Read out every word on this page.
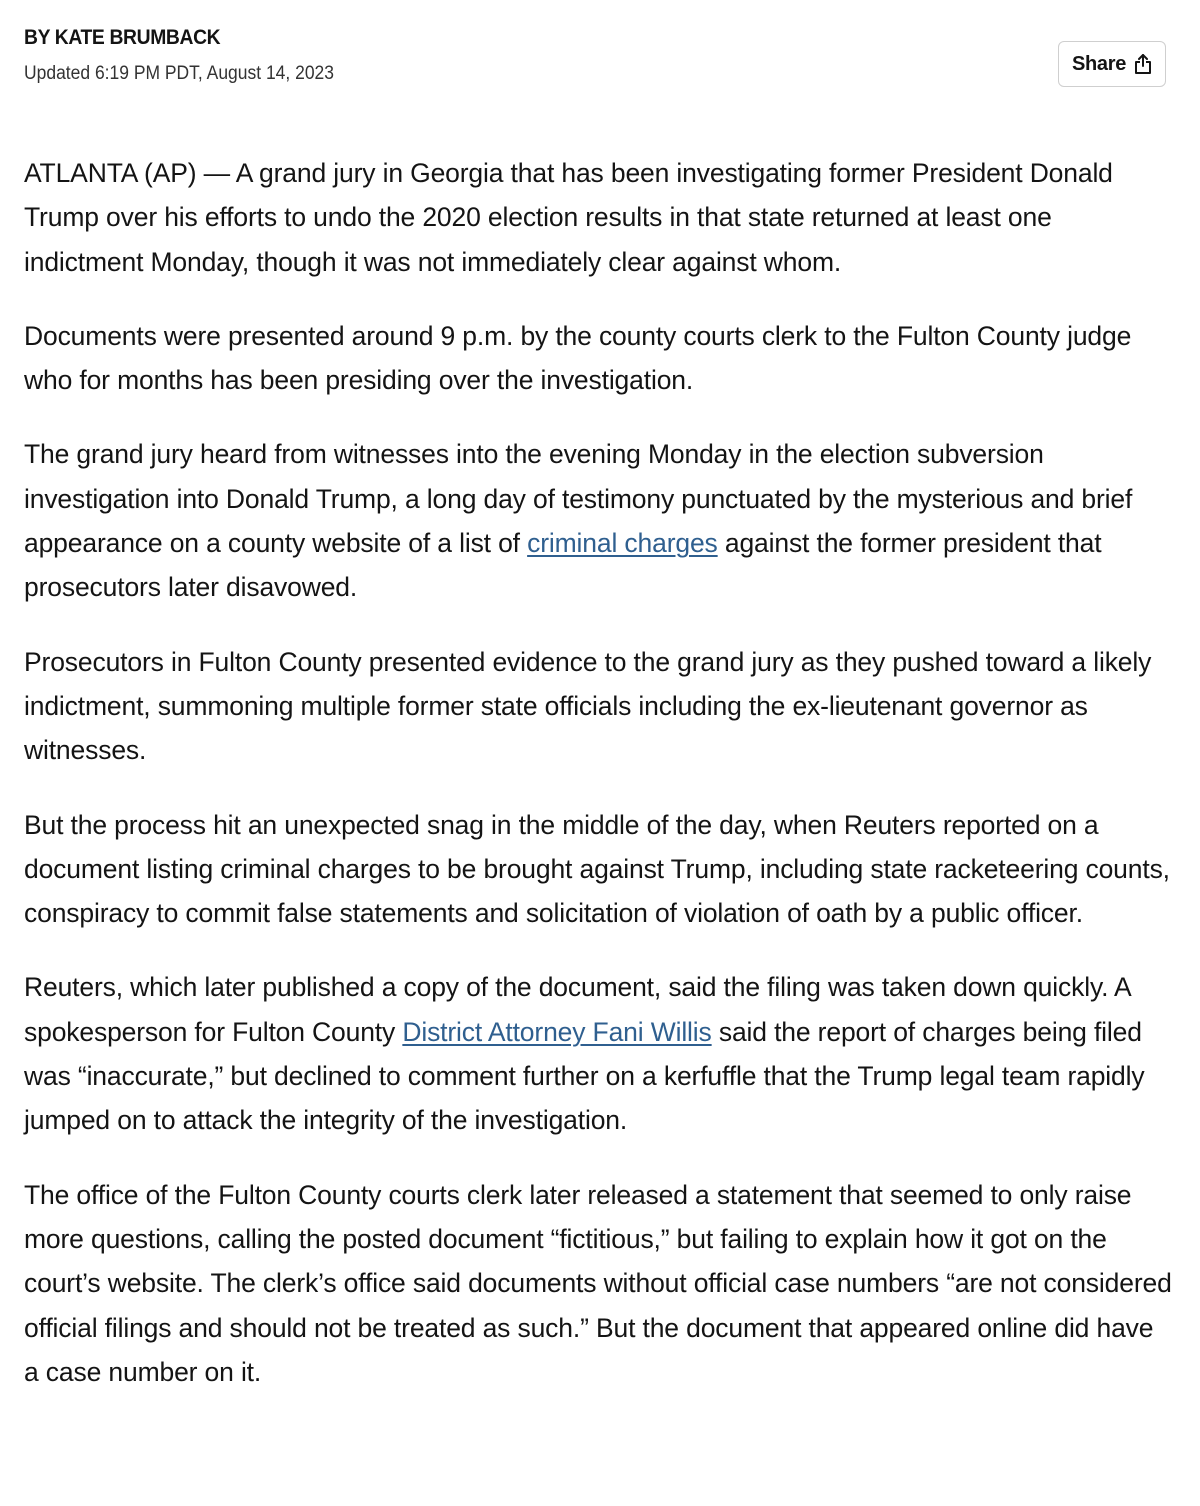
BY KATE BRUMBACK
Updated 6:19 PM PDT, August 14, 2023	Share

ATLANTA (AP) — A grand jury in Georgia that has been investigating former President Donald Trump over his efforts to undo the 2020 election results in that state returned at least one indictment Monday, though it was not immediately clear against whom.

Documents were presented around 9 p.m. by the county courts clerk to the Fulton County judge who for months has been presiding over the investigation.

The grand jury heard from witnesses into the evening Monday in the election subversion investigation into Donald Trump, a long day of testimony punctuated by the mysterious and brief appearance on a county website of a list of criminal charges against the former president that prosecutors later disavowed.

Prosecutors in Fulton County presented evidence to the grand jury as they pushed toward a likely indictment, summoning multiple former state officials including the ex-lieutenant governor as witnesses.

But the process hit an unexpected snag in the middle of the day, when Reuters reported on a document listing criminal charges to be brought against Trump, including state racketeering counts, conspiracy to commit false statements and solicitation of violation of oath by a public officer.

Reuters, which later published a copy of the document, said the filing was taken down quickly. A spokesperson for Fulton County District Attorney Fani Willis said the report of charges being filed was “inaccurate,” but declined to comment further on a kerfuffle that the Trump legal team rapidly jumped on to attack the integrity of the investigation.

The office of the Fulton County courts clerk later released a statement that seemed to only raise more questions, calling the posted document “fictitious,” but failing to explain how it got on the court’s website. The clerk’s office said documents without official case numbers “are not considered official filings and should not be treated as such.” But the document that appeared online did have a case number on it.
